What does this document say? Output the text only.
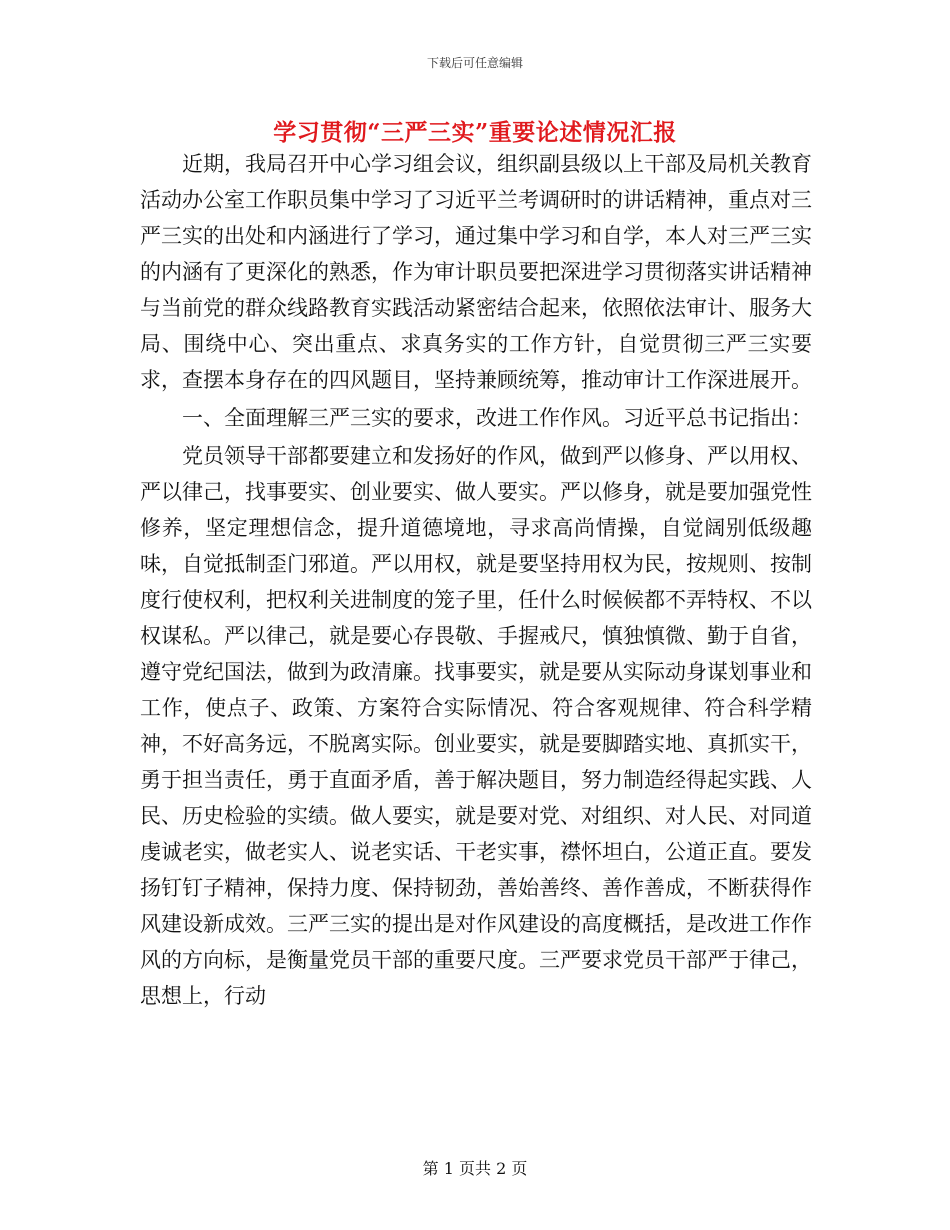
下载后可任意编辑
学习贯彻“三严三实”重要论述情况汇报

近期，我局召开中心学习组会议，组织副县级以上干部及局机关教育活动办公室工作职员集中学习了习近平兰考调研时的讲话精神，重点对三严三实的出处和内涵进行了学习，通过集中学习和自学，本人对三严三实的内涵有了更深化的熟悉，作为审计职员要把深进学习贯彻落实讲话精神与当前党的群众线路教育实践活动紧密结合起来，依照依法审计、服务大局、围绕中心、突出重点、求真务实的工作方针，自觉贯彻三严三实要求，查摆本身存在的四风题目，坚持兼顾统筹，推动审计工作深进展开。

一、全面理解三严三实的要求，改进工作作风。习近平总书记指出：

党员领导干部都要建立和发扬好的作风，做到严以修身、严以用权、严以律己，找事要实、创业要实、做人要实。严以修身，就是要加强党性修养，坚定理想信念，提升道德境地，寻求高尚情操，自觉阔别低级趣味，自觉抵制歪门邪道。严以用权，就是要坚持用权为民，按规则、按制度行使权利，把权利关进制度的笼子里，任什么时候候都不弄特权、不以权谋私。严以律己，就是要心存畏敬、手握戒尺，慎独慎微、勤于自省，遵守党纪国法，做到为政清廉。找事要实，就是要从实际动身谋划事业和工作，使点子、政策、方案符合实际情况、符合客观规律、符合科学精神，不好高务远，不脱离实际。创业要实，就是要脚踏实地、真抓实干，勇于担当责任，勇于直面矛盾，善于解决题目，努力制造经得起实践、人民、历史检验的实绩。做人要实，就是要对党、对组织、对人民、对同道虔诚老实，做老实人、说老实话、干老实事，襟怀坦白，公道正直。要发扬钉钉子精神，保持力度、保持韧劲，善始善终、善作善成，不断获得作风建设新成效。三严三实的提出是对作风建设的高度概括，是改进工作作风的方向标，是衡量党员干部的重要尺度。三严要求党员干部严于律己，思想上，行动

第 1 页共 2 页
